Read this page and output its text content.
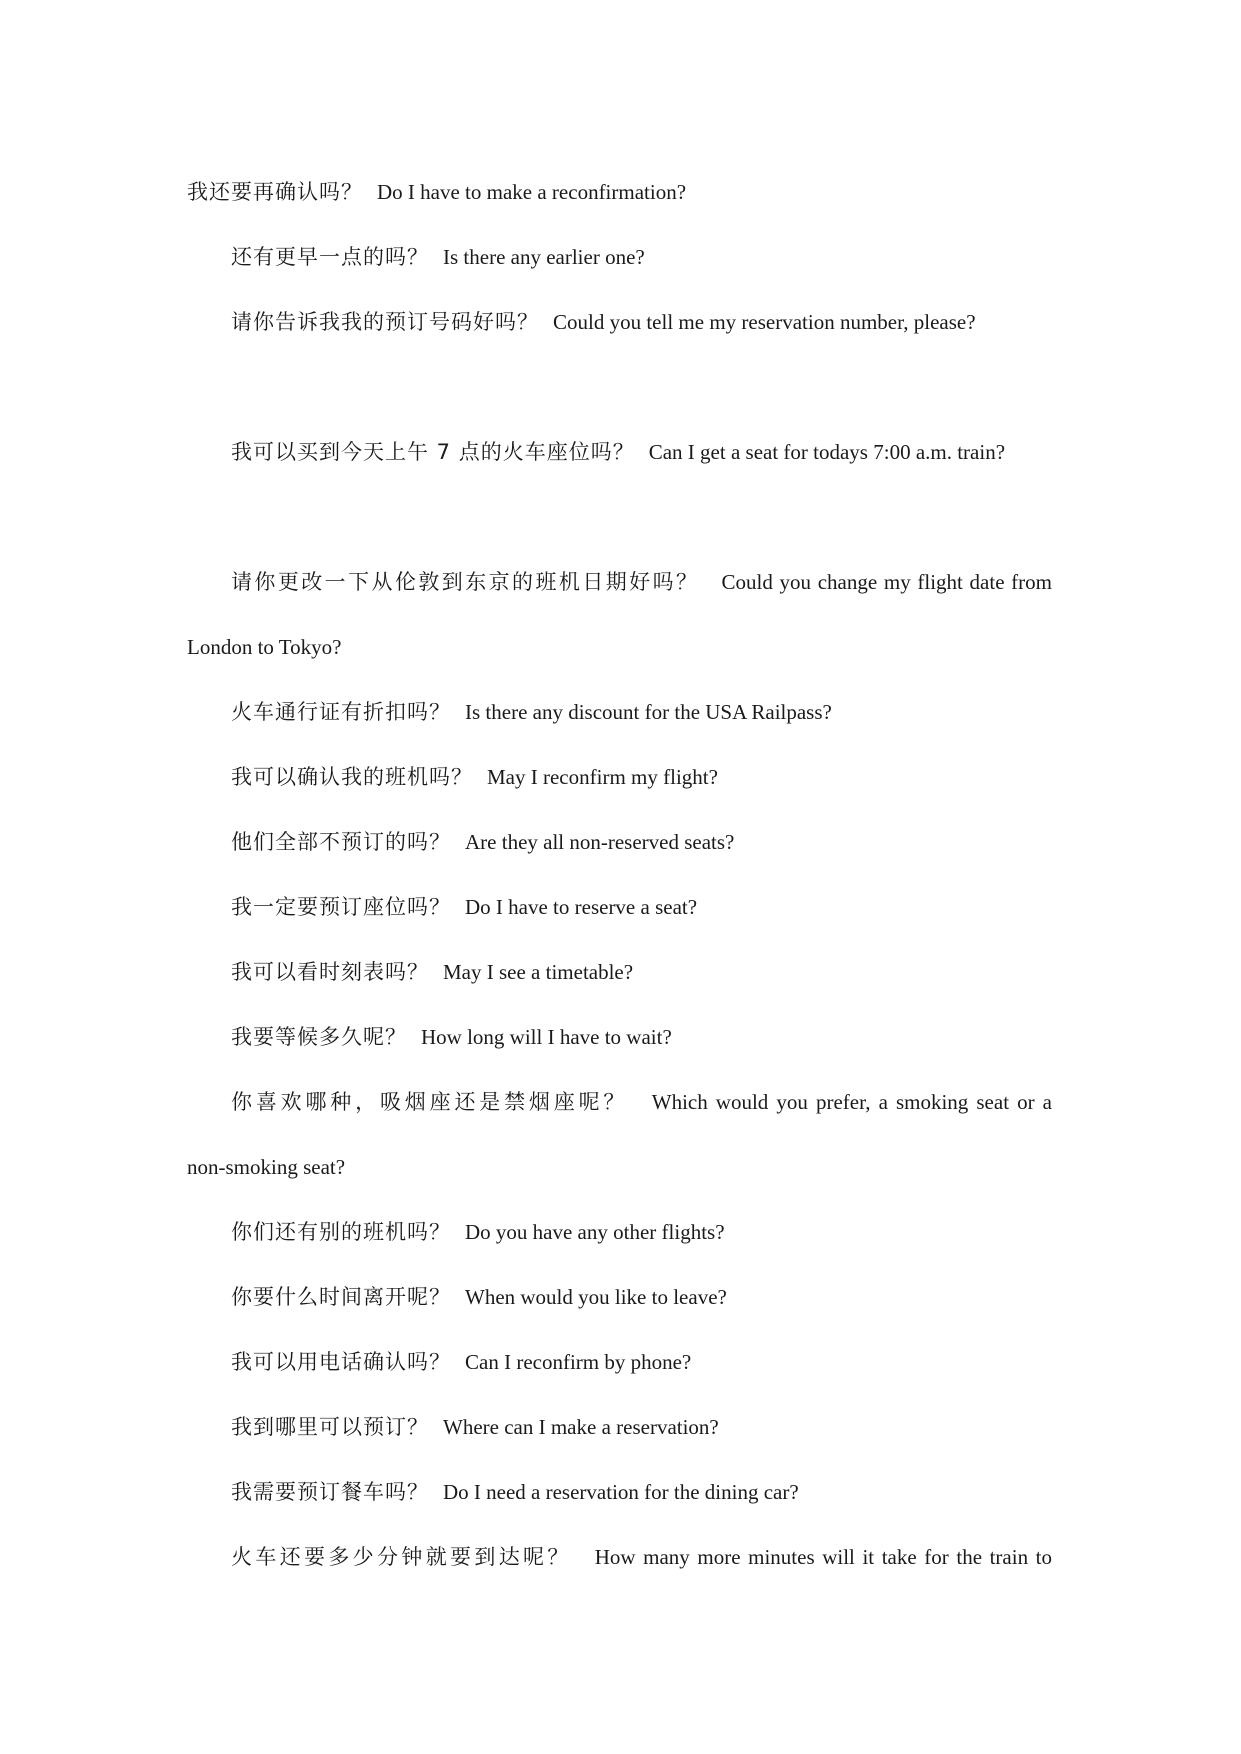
我还要再确认吗？ Do I have to make a reconfirmation?
还有更早一点的吗？ Is there any earlier one?
请你告诉我我的预订号码好吗？ Could you tell me my reservation number, please?
我可以买到今天上午 7 点的火车座位吗？ Can I get a seat for todays 7:00 a.m. train?
请你更改一下从伦敦到东京的班机日期好吗？ Could you change my flight date from
London to Tokyo?
火车通行证有折扣吗？ Is there any discount for the USA Railpass?
我可以确认我的班机吗？ May I reconfirm my flight?
他们全部不预订的吗？ Are they all non-reserved seats?
我一定要预订座位吗？ Do I have to reserve a seat?
我可以看时刻表吗？ May I see a timetable?
我要等候多久呢？ How long will I have to wait?
你喜欢哪种，吸烟座还是禁烟座呢？ Which would you prefer, a smoking seat or a
non-smoking seat?
你们还有别的班机吗？ Do you have any other flights?
你要什么时间离开呢？ When would you like to leave?
我可以用电话确认吗？ Can I reconfirm by phone?
我到哪里可以预订？ Where can I make a reservation?
我需要预订餐车吗？ Do I need a reservation for the dining car?
火车还要多少分钟就要到达呢？ How many more minutes will it take for the train to
